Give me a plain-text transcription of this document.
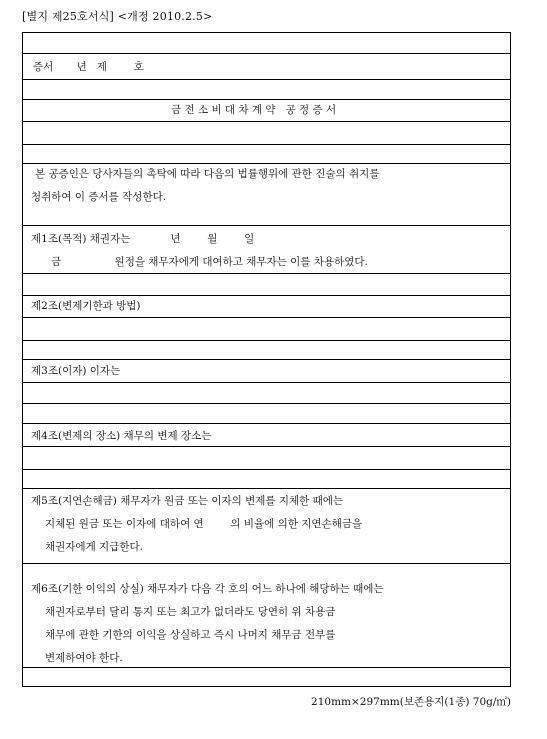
[별지 제25호서식] <개정 2010.2.5>
증서       년   제        호
금 전 소 비 대 차 계 약   공 정 증 서
본 공증인은 당사자들의 촉탁에 따라 다음의 법률행위에 관한 진술의 취지를
청취하여 이 증서를 작성한다.
제1조(목적) 채권자는            년        월        일
금                원정을 채무자에게 대여하고 채무자는 이를 차용하였다.
제2조(변제기한과 방법)
제3조(이자) 이자는
제4조(변제의 장소) 채무의 변제 장소는
제5조(지연손해금) 채무자가 원금 또는 이자의 변제를 지체한 때에는
지체된 원금 또는 이자에 대하여 연        의 비율에 의한 지연손해금을
채권자에게 지급한다.
제6조(기한 이익의 상실) 채무자가 다음 각 호의 어느 하나에 해당하는 때에는
채권자로부터 달리 통지 또는 최고가 없더라도 당연히 위 차용금
채무에 관한 기한의 이익을 상실하고 즉시 나머지 채무금 전부를
변제하여야 한다.
210mm×297mm(보존용지(1종) 70g/㎡)
